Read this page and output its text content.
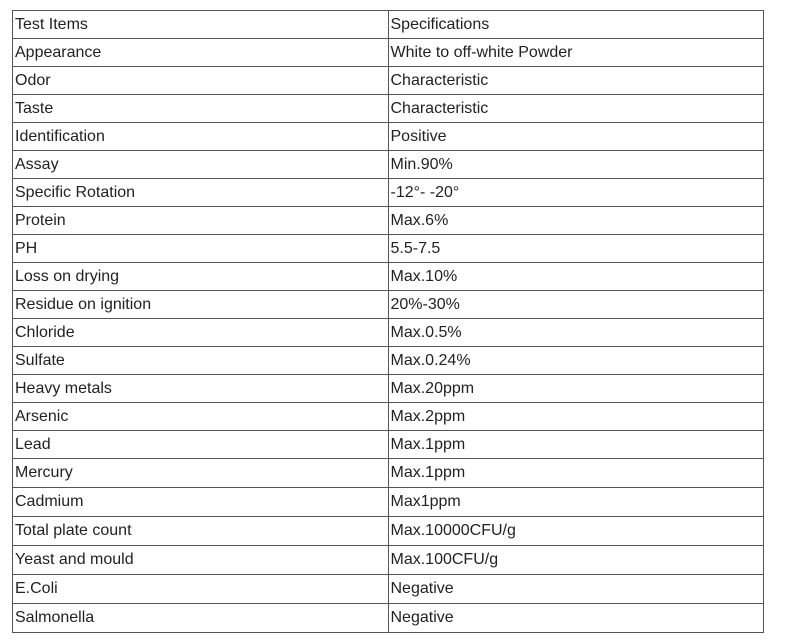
Test Items	Specifications
Appearance	White to off-white Powder
Odor	Characteristic
Taste	Characteristic
Identification	Positive
Assay	Min.90%
Specific Rotation	-12°- -20°
Protein	Max.6%
PH	5.5-7.5
Loss on drying	Max.10%
Residue on ignition	20%-30%
Chloride	Max.0.5%
Sulfate	Max.0.24%
Heavy metals	Max.20ppm
Arsenic	Max.2ppm
Lead	Max.1ppm
Mercury	Max.1ppm
Cadmium	Max1ppm
Total plate count	Max.10000CFU/g
Yeast and mould	Max.100CFU/g
E.Coli	Negative
Salmonella	Negative
